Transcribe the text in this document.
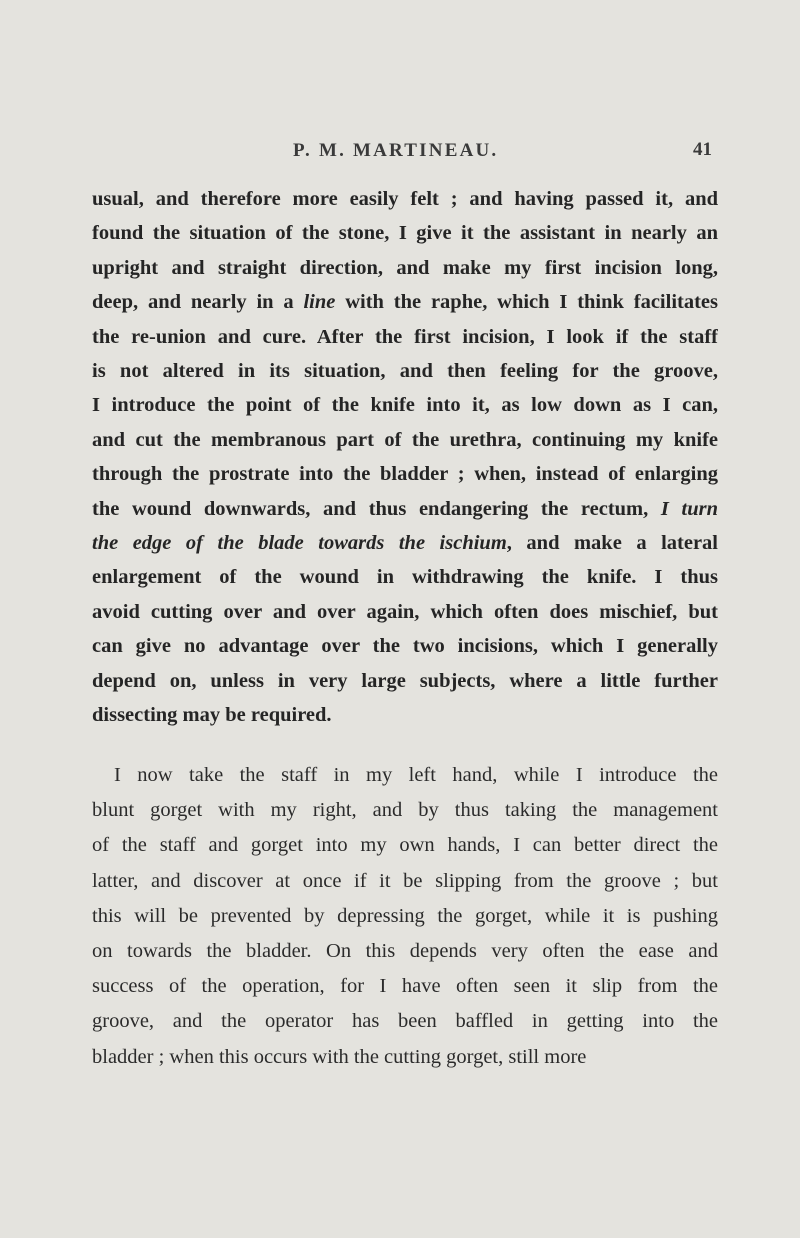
P. M. MARTINEAU.	41
usual, and therefore more easily felt ; and having passed it, and
found the situation of the stone, I give it the assistant in nearly an
upright and straight direction, and make my first incision long,
deep, and nearly in a line with the raphe, which I think facilitates
the re-union and cure. After the first incision, I look if the staff
is not altered in its situation, and then feeling for the groove,
I introduce the point of the knife into it, as low down as I can,
and cut the membranous part of the urethra, continuing my knife
through the prostrate into the bladder ; when, instead of enlarging
the wound downwards, and thus endangering the rectum, I turn
the edge of the blade towards the ischium, and make a lateral
enlargement of the wound in withdrawing the knife. I thus
avoid cutting over and over again, which often does mischief, but
can give no advantage over the two incisions, which I generally
depend on, unless in very large subjects, where a little further
dissecting may be required.
I now take the staff in my left hand, while I introduce the
blunt gorget with my right, and by thus taking the management
of the staff and gorget into my own hands, I can better direct the
latter, and discover at once if it be slipping from the groove ; but
this will be prevented by depressing the gorget, while it is pushing
on towards the bladder. On this depends very often the ease and
success of the operation, for I have often seen it slip from the
groove, and the operator has been baffled in getting into the
bladder ; when this occurs with the cutting gorget, still more
